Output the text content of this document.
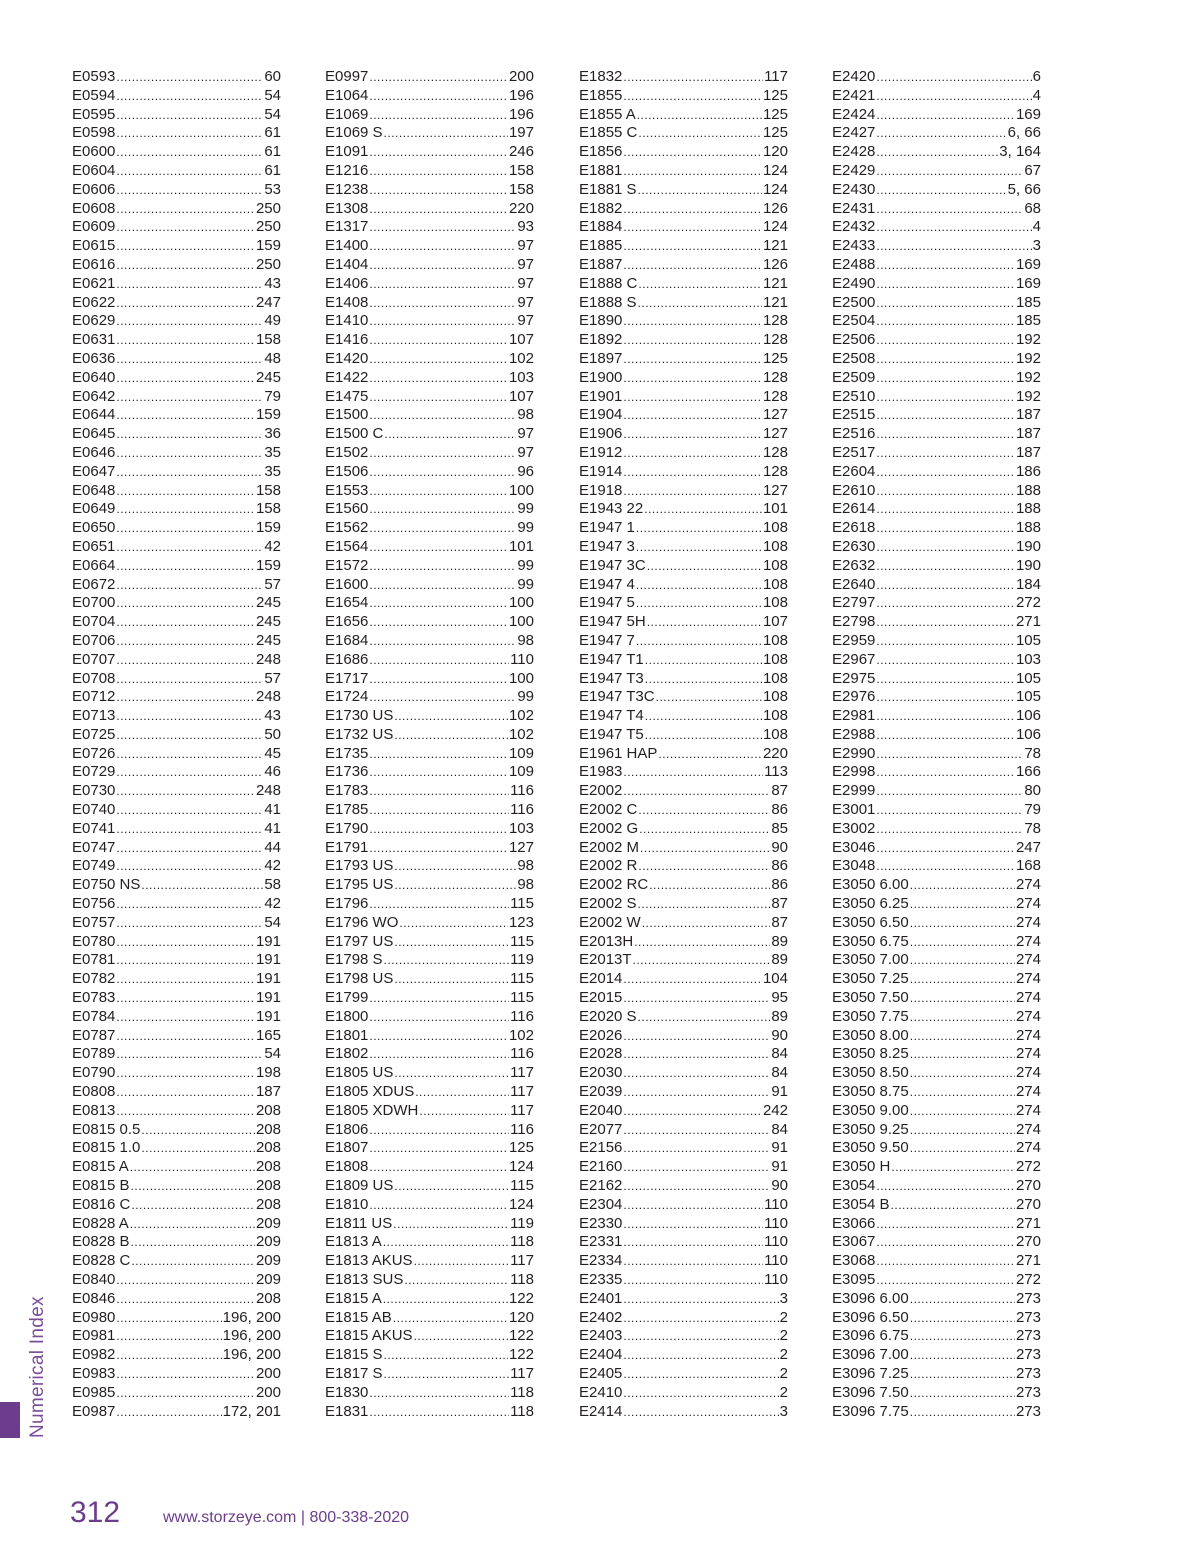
E0593 .....	60
E0594 .....	54
E0595 .....	54
E0598 .....	61
E0600 .....	61
E0604 .....	61
E0606 .....	53
E0608 .....	250
E0609 .....	250
E0615 .....	159
E0616 .....	250
E0621 .....	43
E0622 .....	247
E0629 .....	49
E0631 .....	158
E0636 .....	48
E0640 .....	245
E0642 .....	79
E0644 .....	159
E0645 .....	36
E0646 .....	35
E0647 .....	35
E0648 .....	158
E0649 .....	158
E0650 .....	159
E0651 .....	42
E0664 .....	159
E0672 .....	57
E0700 .....	245
E0704 .....	245
E0706 .....	245
E0707 .....	248
E0708 .....	57
E0712 .....	248
E0713 .....	43
E0725 .....	50
E0726 .....	45
E0729 .....	46
E0730 .....	248
E0740 .....	41
E0741 .....	41
E0747 .....	44
E0749 .....	42
E0750 NS .....	58
E0756 .....	42
E0757 .....	54
E0780 .....	191
E0781 .....	191
E0782 .....	191
E0783 .....	191
E0784 .....	191
E0787 .....	165
E0789 .....	54
E0790 .....	198
E0808 .....	187
E0813 .....	208
E0815 0.5 .....	208
E0815 1.0 .....	208
E0815 A .....	208
E0815 B .....	208
E0816 C .....	208
E0828 A .....	209
E0828 B .....	209
E0828 C .....	209
E0840 .....	209
E0846 .....	208
E0980 .....	196, 200
E0981 .....	196, 200
E0982 .....	196, 200
E0983 .....	200
E0985 .....	200
E0987 .....	172, 201
E0997 .....	200
E1064 .....	196
E1069 .....	196
E1069 S .....	197
E1091 .....	246
E1216 .....	158
E1238 .....	158
E1308 .....	220
E1317 .....	93
E1400 .....	97
E1404 .....	97
E1406 .....	97
E1408 .....	97
E1410 .....	97
E1416 .....	107
E1420 .....	102
E1422 .....	103
E1475 .....	107
E1500 .....	98
E1500 C .....	97
E1502 .....	97
E1506 .....	96
E1553 .....	100
E1560 .....	99
E1562 .....	99
E1564 .....	101
E1572 .....	99
E1600 .....	99
E1654 .....	100
E1656 .....	100
E1684 .....	98
E1686 .....	110
E1717 .....	100
E1724 .....	99
E1730 US .....	102
E1732 US .....	102
E1735 .....	109
E1736 .....	109
E1783 .....	116
E1785 .....	116
E1790 .....	103
E1791 .....	127
E1793 US .....	98
E1795 US .....	98
E1796 .....	115
E1796 WO .....	123
E1797 US .....	115
E1798 S .....	119
E1798 US .....	115
E1799 .....	115
E1800 .....	116
E1801 .....	102
E1802 .....	116
E1805 US .....	117
E1805 XDUS .....	117
E1805 XDWH .....	117
E1806 .....	116
E1807 .....	125
E1808 .....	124
E1809 US .....	115
E1810 .....	124
E1811 US .....	119
E1813 A .....	118
E1813 AKUS .....	117
E1813 SUS .....	118
E1815 A .....	122
E1815 AB .....	120
E1815 AKUS .....	122
E1815 S .....	122
E1817 S .....	117
E1830 .....	118
E1831 .....	118
E1832 .....	117
E1855 .....	125
E1855 A .....	125
E1855 C .....	125
E1856 .....	120
E1881 .....	124
E1881 S .....	124
E1882 .....	126
E1884 .....	124
E1885 .....	121
E1887 .....	126
E1888 C .....	121
E1888 S .....	121
E1890 .....	128
E1892 .....	128
E1897 .....	125
E1900 .....	128
E1901 .....	128
E1904 .....	127
E1906 .....	127
E1912 .....	128
E1914 .....	128
E1918 .....	127
E1943 22 .....	101
E1947 1 .....	108
E1947 3 .....	108
E1947 3C .....	108
E1947 4 .....	108
E1947 5 .....	108
E1947 5H .....	107
E1947 7 .....	108
E1947 T1 .....	108
E1947 T3 .....	108
E1947 T3C .....	108
E1947 T4 .....	108
E1947 T5 .....	108
E1961 HAP .....	220
E1983 .....	113
E2002 .....	87
E2002 C .....	86
E2002 G .....	85
E2002 M .....	90
E2002 R .....	86
E2002 RC .....	86
E2002 S .....	87
E2002 W .....	87
E2013H .....	89
E2013T .....	89
E2014 .....	104
E2015 .....	95
E2020 S .....	89
E2026 .....	90
E2028 .....	84
E2030 .....	84
E2039 .....	91
E2040 .....	242
E2077 .....	84
E2156 .....	91
E2160 .....	91
E2162 .....	90
E2304 .....	110
E2330 .....	110
E2331 .....	110
E2334 .....	110
E2335 .....	110
E2401 .....	3
E2402 .....	2
E2403 .....	2
E2404 .....	2
E2405 .....	2
E2410 .....	2
E2414 .....	3
E2420 .....	6
E2421 .....	4
E2424 .....	169
E2427 .....	6, 66
E2428 .....	3, 164
E2429 .....	67
E2430 .....	5, 66
E2431 .....	68
E2432 .....	4
E2433 .....	3
E2488 .....	169
E2490 .....	169
E2500 .....	185
E2504 .....	185
E2506 .....	192
E2508 .....	192
E2509 .....	192
E2510 .....	192
E2515 .....	187
E2516 .....	187
E2517 .....	187
E2604 .....	186
E2610 .....	188
E2614 .....	188
E2618 .....	188
E2630 .....	190
E2632 .....	190
E2640 .....	184
E2797 .....	272
E2798 .....	271
E2959 .....	105
E2967 .....	103
E2975 .....	105
E2976 .....	105
E2981 .....	106
E2988 .....	106
E2990 .....	78
E2998 .....	166
E2999 .....	80
E3001 .....	79
E3002 .....	78
E3046 .....	247
E3048 .....	168
E3050 6.00 .....	274
E3050 6.25 .....	274
E3050 6.50 .....	274
E3050 6.75 .....	274
E3050 7.00 .....	274
E3050 7.25 .....	274
E3050 7.50 .....	274
E3050 7.75 .....	274
E3050 8.00 .....	274
E3050 8.25 .....	274
E3050 8.50 .....	274
E3050 8.75 .....	274
E3050 9.00 .....	274
E3050 9.25 .....	274
E3050 9.50 .....	274
E3050 H .....	272
E3054 .....	270
E3054 B .....	270
E3066 .....	271
E3067 .....	270
E3068 .....	271
E3095 .....	272
E3096 6.00 .....	273
E3096 6.50 .....	273
E3096 6.75 .....	273
E3096 7.00 .....	273
E3096 7.25 .....	273
E3096 7.50 .....	273
E3096 7.75 .....	273
Numerical Index
312	www.storzeye.com | 800-338-2020
